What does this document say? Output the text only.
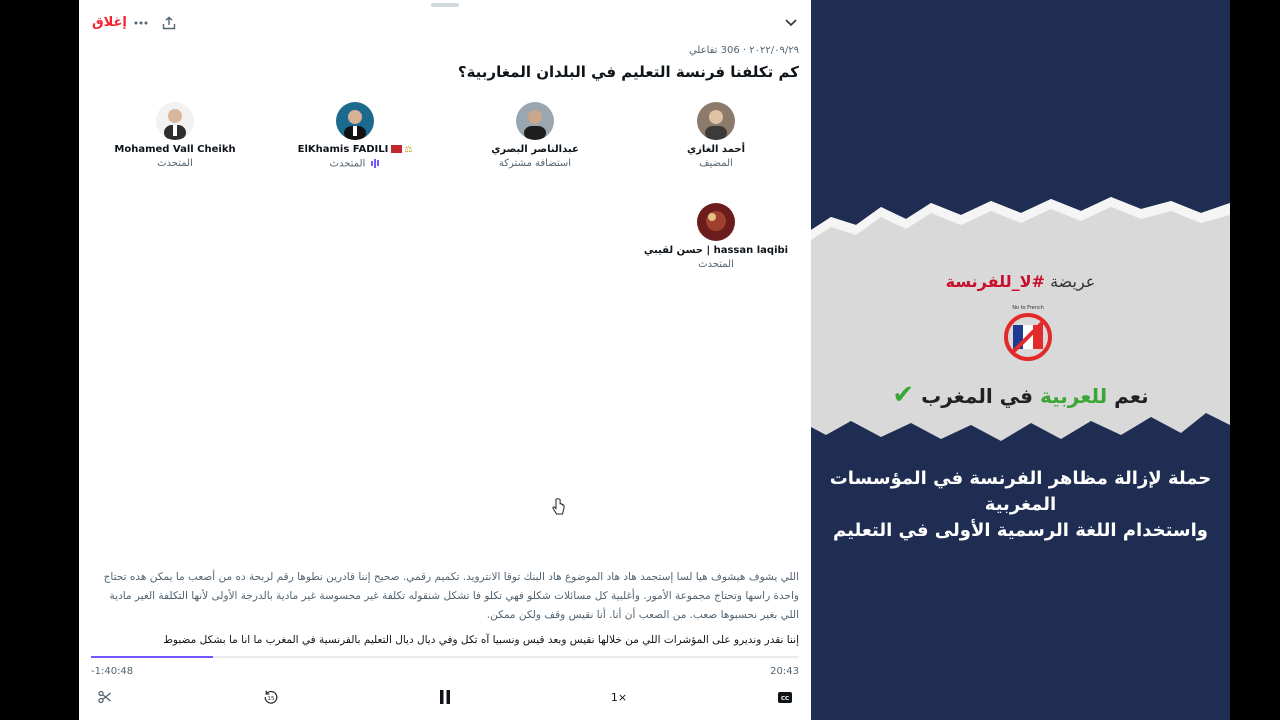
إغلاق
٢٠٢٢/٠٩/٢٩ · 306 تفاعلي
كم تكلفنا فرنسة التعليم في البلدان المغاربية؟
أحمد الغازي
المضيف
عبدالناصر البصري
استضافة مشتركة
ElKhamis FADILI ⚖
المتحدث
Mohamed Vall Cheikh
المتحدث
حسن لقيبي | hassan laqibi
المتحدث

اللي يشوف هيشوف هيا لسا إستجمد هاد هاد الموضوع هاد البنك توقا الانترويد. تكميم رقمي. صحيح إننا قادرين نطوها رقم لربحة ده من أصعب ما يمكن هده تحتاج واحدة راسها وتحتاج مجموعة الأمور. وأغلبية كل مسائلات شكلو فهي تكلو فا تشكل شنقوله تكلفة غير محسوسة غير مادية بالدرجة الأولى لأنها التكلفة الغير مادية اللي بغير نحسبوها صعب. من الصعب أن أنا. أنا نقيس وقف ولكن ممكن.

إننا نقدر ونديرو على المؤشرات اللي من خلالها نقيس وبعد قيس ونسبيا آه تكل وفي ديال ديال التعليم بالفرنسية في المغرب ما انا ما بشكل مضبوط

-1:40:48	20:43
15	1×	CC
عريضة #لا_للفرنسة
No to French
نعم للعربية في المغرب ✔
حملة لإزالة مظاهر الفرنسة في المؤسسات المغربية
واستخدام اللغة الرسمية الأولى في التعليم
